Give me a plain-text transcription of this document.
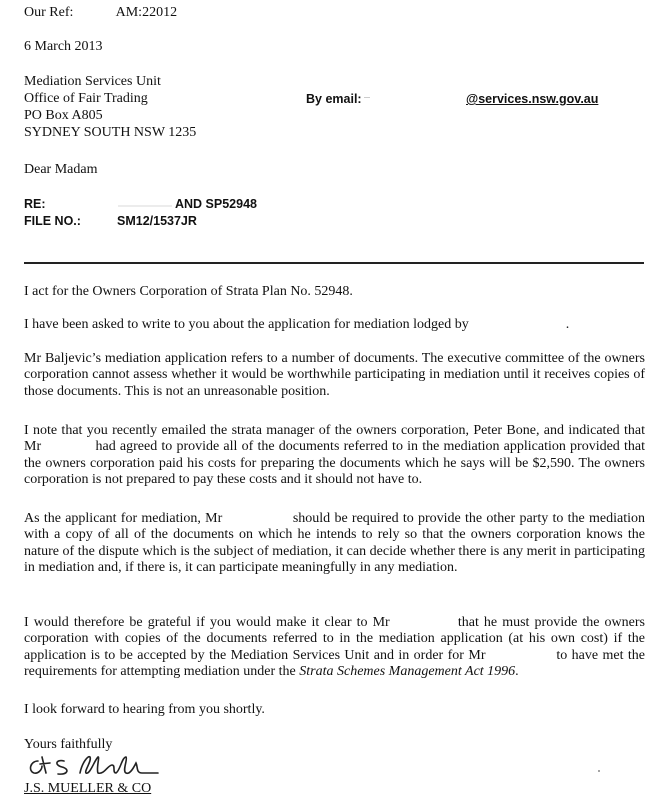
Our Ref:	AM:22012
6 March 2013
Mediation Services Unit
Office of Fair Trading
PO Box A805
SYDNEY SOUTH NSW 1235
By email:	@services.nsw.gov.au
Dear Madam
RE:	AND SP52948
FILE NO.:	SM12/1537JR
I act for the Owners Corporation of Strata Plan No. 52948.
I have been asked to write to you about the application for mediation lodged by	.
Mr Baljevic’s mediation application refers to a number of documents. The executive committee of the owners corporation cannot assess whether it would be worthwhile participating in mediation until it receives copies of those documents. This is not an unreasonable position.
I note that you recently emailed the strata manager of the owners corporation, Peter Bone, and indicated that Mr	had agreed to provide all of the documents referred to in the mediation application provided that the owners corporation paid his costs for preparing the documents which he says will be $2,590. The owners corporation is not prepared to pay these costs and it should not have to.
As the applicant for mediation, Mr	should be required to provide the other party to the mediation with a copy of all of the documents on which he intends to rely so that the owners corporation knows the nature of the dispute which is the subject of mediation, it can decide whether there is any merit in participating in mediation and, if there is, it can participate meaningfully in any mediation.
I would therefore be grateful if you would make it clear to Mr	that he must provide the owners corporation with copies of the documents referred to in the mediation application (at his own cost) if the application is to be accepted by the Mediation Services Unit and in order for Mr	to have met the requirements for attempting mediation under the Strata Schemes Management Act 1996.
I look forward to hearing from you shortly.
Yours faithfully
J.S. MUELLER & CO
